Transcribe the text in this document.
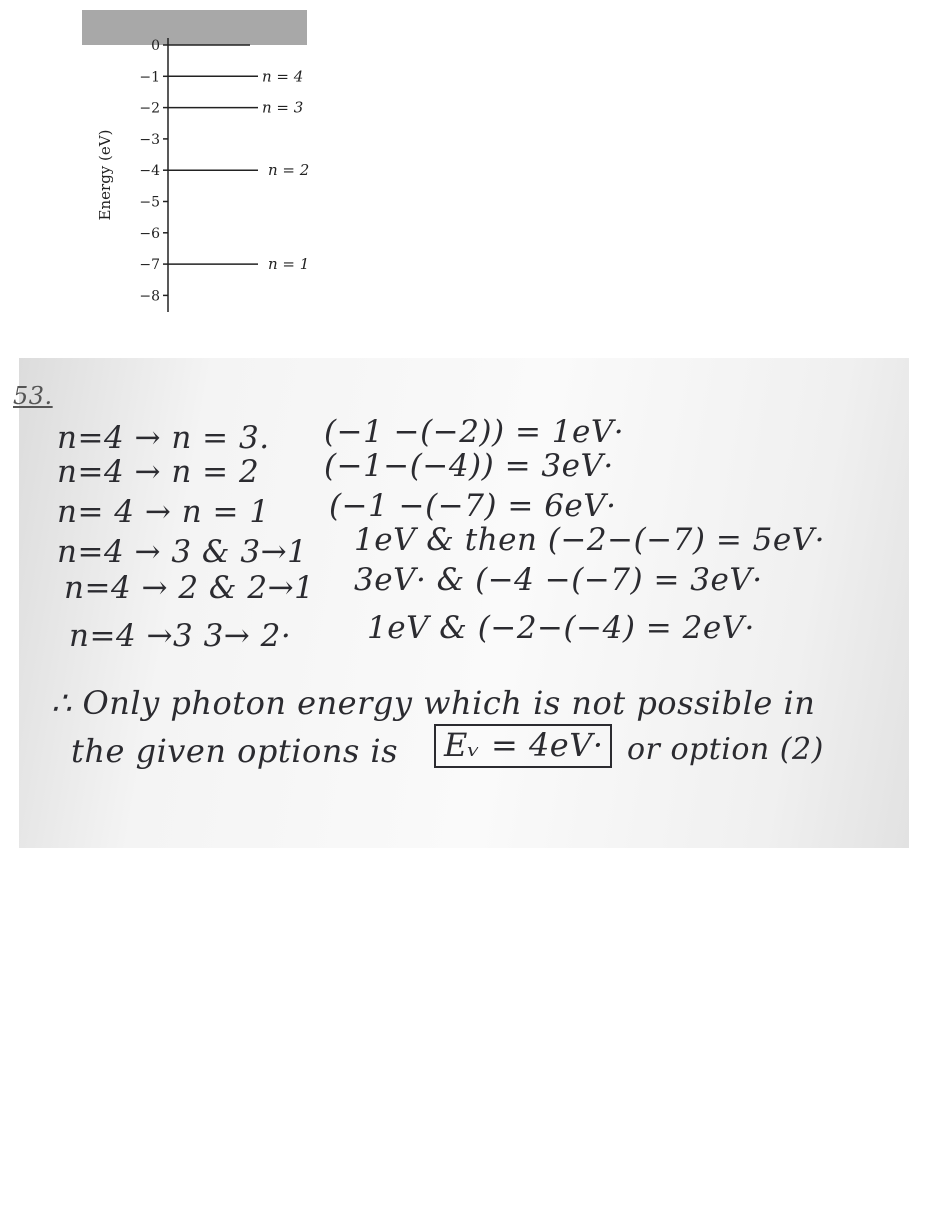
Energy (eV)
0
−1
−2
−3
−4
−5
−6
−7
−8
n = 4
n = 3
n = 2
n = 1
53.
n=4 → n = 3. (−1 −(−2)) = 1eV·
n=4 → n = 2 (−1−(−4)) = 3eV·
n= 4 → n = 1 (−1 −(−7) = 6eV·
n=4 → 3 & 3→1 1eV & then (−2−(−7) = 5eV·
n=4 → 2 & 2→1 3eV· & (−4 −(−7) = 3eV·
n=4 →3 3→ 2· 1eV & (−2−(−4) = 2eV·
∴ Only photon energy which is not possible in
the given options is	Eᵥ = 4eV· or option (2)
